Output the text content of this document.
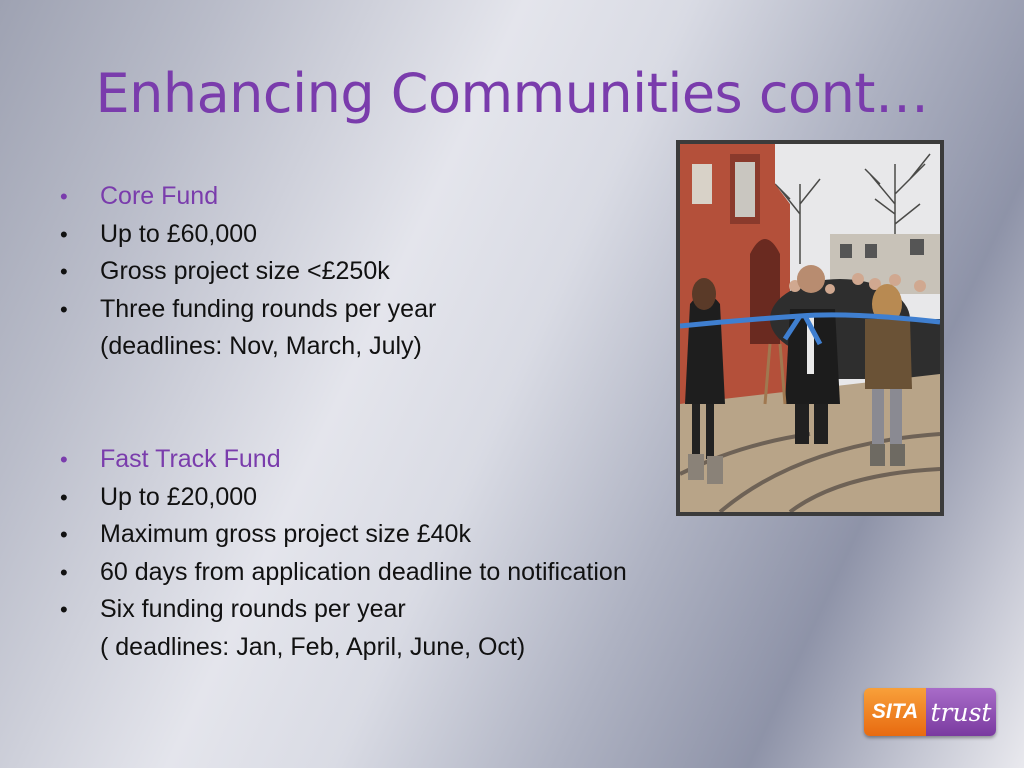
Enhancing Communities cont…
• Core Fund
• Up to £60,000
• Gross project size <£250k
• Three funding rounds per year
(deadlines: Nov, March, July)
• Fast Track Fund
• Up to £20,000
• Maximum gross project size £40k
• 60 days from application deadline to notification
• Six funding rounds per year
( deadlines: Jan, Feb, April, June, Oct)
SITA trust
